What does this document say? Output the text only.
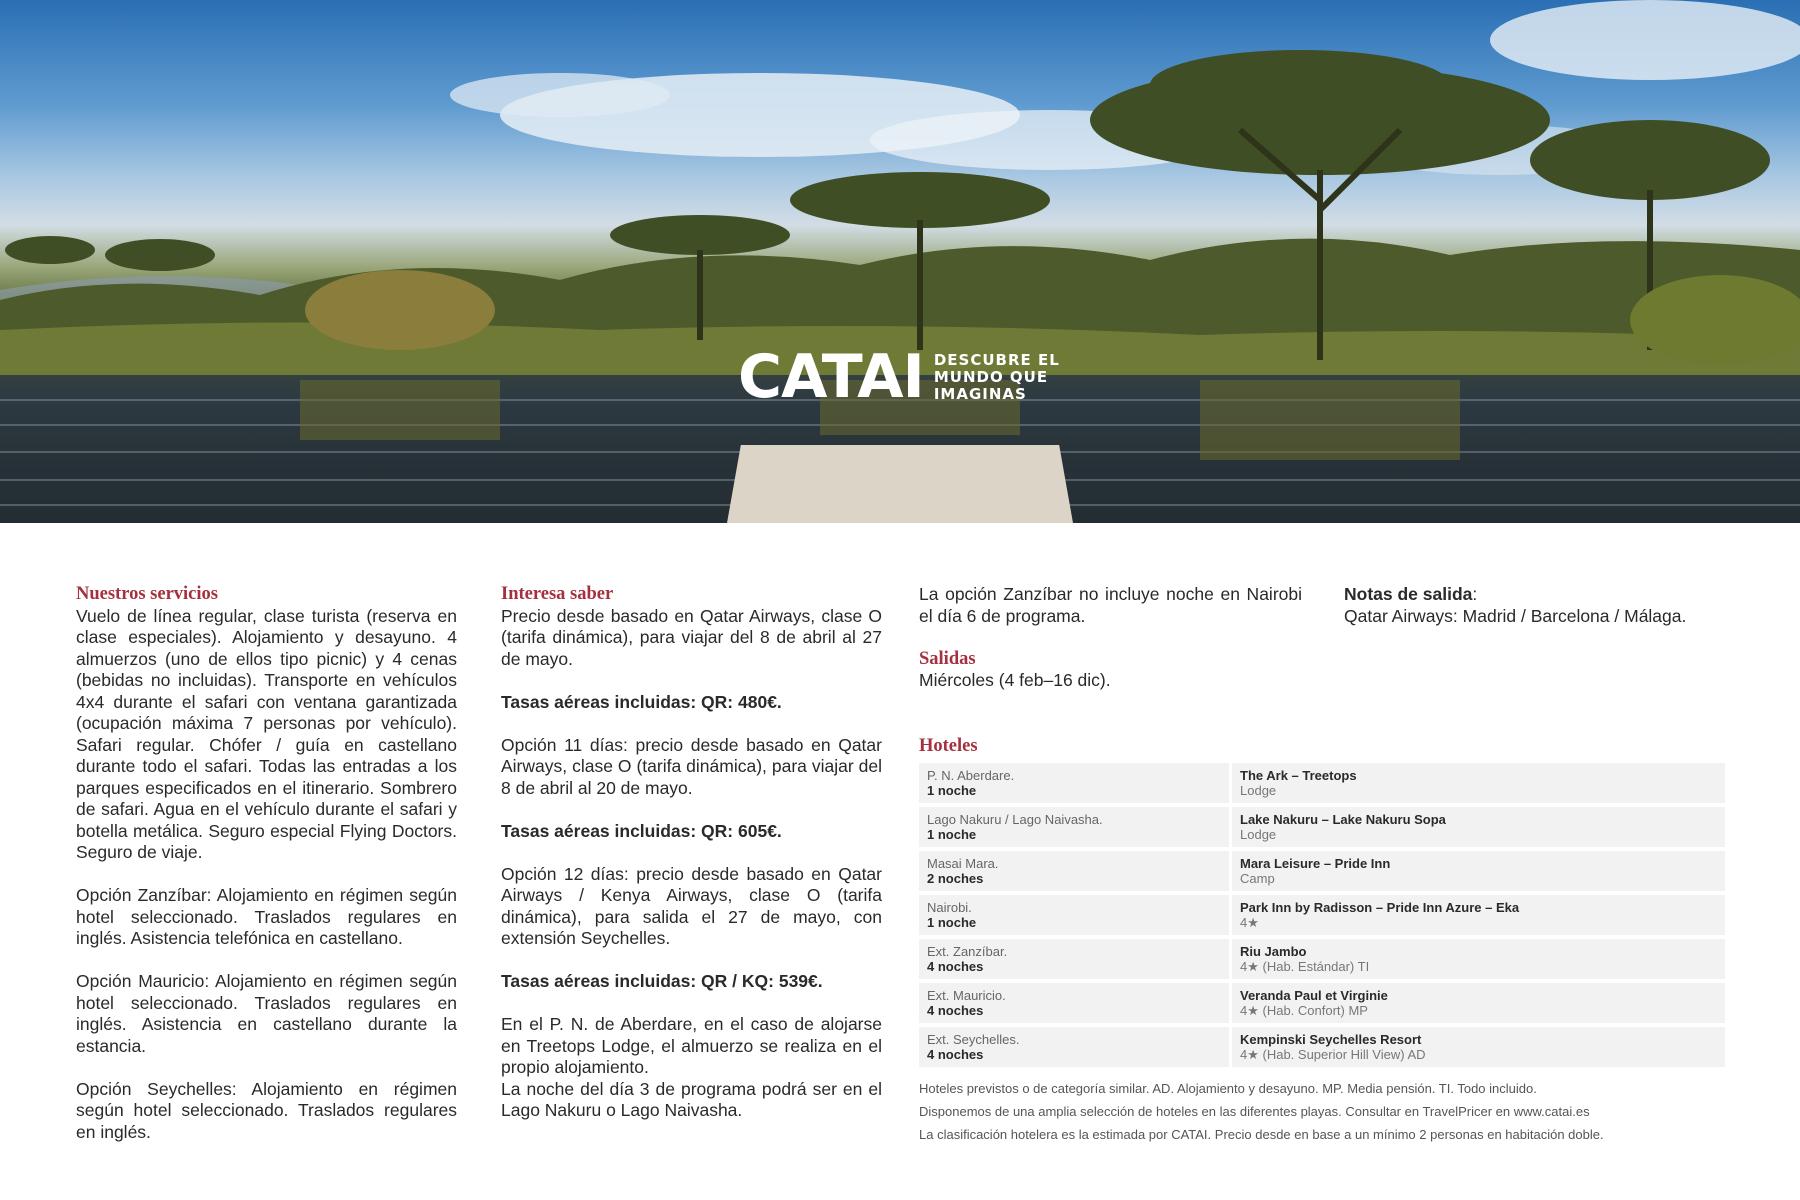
CATAI DESCUBRE EL
MUNDO QUE
IMAGINAS
Nuestros servicios

Vuelo de línea regular, clase turista (reserva en clase especiales). Alojamiento y desayuno. 4 almuerzos (uno de ellos tipo picnic) y 4 cenas (bebidas no incluidas). Transporte en vehículos 4x4 durante el safari con ventana garantizada (ocupación máxima 7 personas por vehículo). Safari regular. Chófer / guía en castellano durante todo el safari. Todas las entradas a los parques especificados en el itinerario. Sombrero de safari. Agua en el vehículo durante el safari y botella metálica. Seguro especial Flying Doctors. Seguro de viaje.

Opción Zanzíbar: Alojamiento en régimen según hotel seleccionado. Traslados regulares en inglés. Asistencia telefónica en castellano.

Opción Mauricio: Alojamiento en régimen según hotel seleccionado. Traslados regulares en inglés. Asistencia en castellano durante la estancia.

Opción Seychelles: Alojamiento en régimen según hotel seleccionado. Traslados regulares en inglés.

Interesa saber

Precio desde basado en Qatar Airways, clase O (tarifa dinámica), para viajar del 8 de abril al 27 de mayo.

Tasas aéreas incluidas: QR: 480€.

Opción 11 días: precio desde basado en Qatar Airways, clase O (tarifa dinámica), para viajar del 8 de abril al 20 de mayo.

Tasas aéreas incluidas: QR: 605€.

Opción 12 días: precio desde basado en Qatar Airways / Kenya Airways, clase O (tarifa dinámica), para salida el 27 de mayo, con extensión Seychelles.

Tasas aéreas incluidas: QR / KQ: 539€.

En el P. N. de Aberdare, en el caso de alojarse en Treetops Lodge, el almuerzo se realiza en el propio alojamiento.

La noche del día 3 de programa podrá ser en el Lago Nakuru o Lago Naivasha.

La opción Zanzíbar no incluye noche en Nairobi el día 6 de programa.

Salidas

Miércoles (4 feb–16 dic).

Notas de salida:
Qatar Airways: Madrid / Barcelona / Málaga.
Hoteles
P. N. Aberdare.
1 noche
The Ark – Treetops
Lodge
Lago Nakuru / Lago Naivasha.
1 noche
Lake Nakuru – Lake Nakuru Sopa
Lodge
Masai Mara.
2 noches
Mara Leisure – Pride Inn
Camp
Nairobi.
1 noche
Park Inn by Radisson – Pride Inn Azure – Eka
4★
Ext. Zanzíbar.
4 noches
Riu Jambo
4★ (Hab. Estándar) TI
Ext. Mauricio.
4 noches
Veranda Paul et Virginie
4★ (Hab. Confort) MP
Ext. Seychelles.
4 noches
Kempinski Seychelles Resort
4★ (Hab. Superior Hill View) AD
Hoteles previstos o de categoría similar. AD. Alojamiento y desayuno. MP. Media pensión. TI. Todo incluido.
Disponemos de una amplia selección de hoteles en las diferentes playas. Consultar en TravelPricer en www.catai.es
La clasificación hotelera es la estimada por CATAI. Precio desde en base a un mínimo 2 personas en habitación doble.
